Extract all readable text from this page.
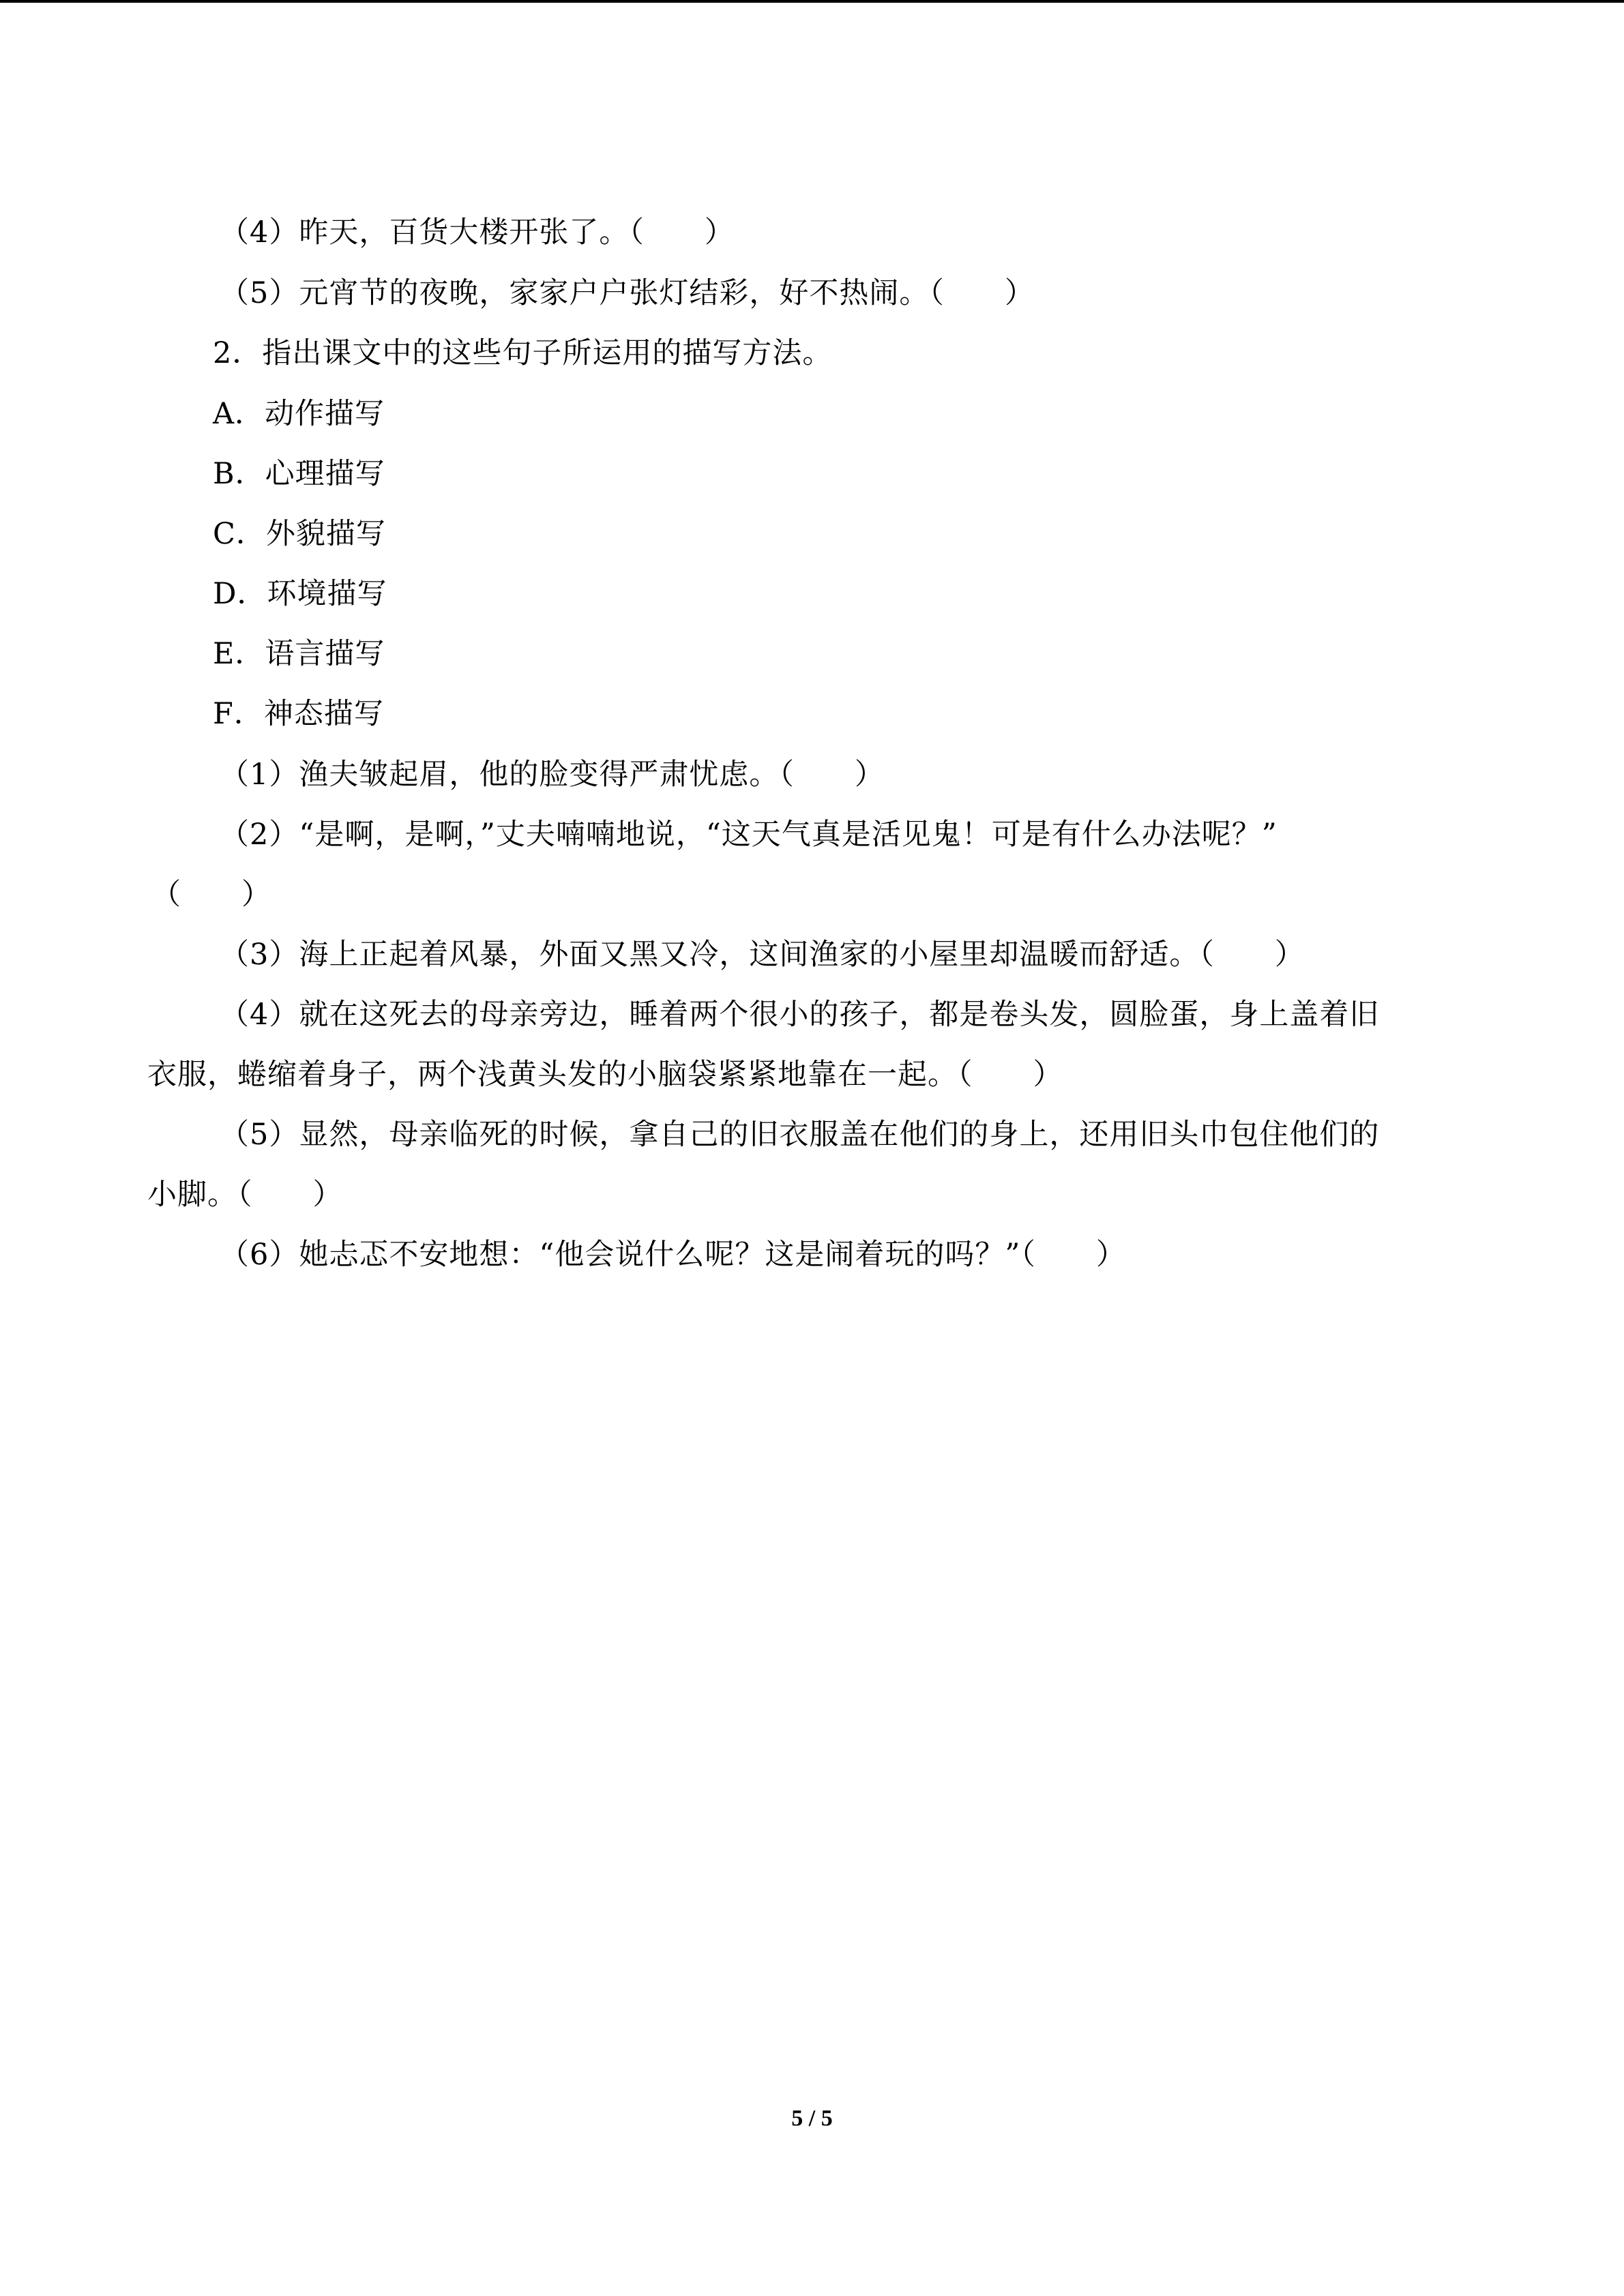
（4）昨天，百货大楼开张了。（　　）
（5）元宵节的夜晚，家家户户张灯结彩，好不热闹。（　　）
2．指出课文中的这些句子所运用的描写方法。
A．动作描写
B．心理描写
C．外貌描写
D．环境描写
E．语言描写
F．神态描写
（1）渔夫皱起眉，他的脸变得严肃忧虑。（　　）
（2）“是啊，是啊，”丈夫喃喃地说，“这天气真是活见鬼！可是有什么办法呢？”
（　　）
（3）海上正起着风暴，外面又黑又冷，这间渔家的小屋里却温暖而舒适。（　　）
（4）就在这死去的母亲旁边，睡着两个很小的孩子，都是卷头发，圆脸蛋，身上盖着旧
衣服，蜷缩着身子，两个浅黄头发的小脑袋紧紧地靠在一起。（　　）
（5）显然，母亲临死的时候，拿自己的旧衣服盖在他们的身上，还用旧头巾包住他们的
小脚。（　　）
（6）她忐忑不安地想：“他会说什么呢？这是闹着玩的吗？”（　　）
5 / 5
